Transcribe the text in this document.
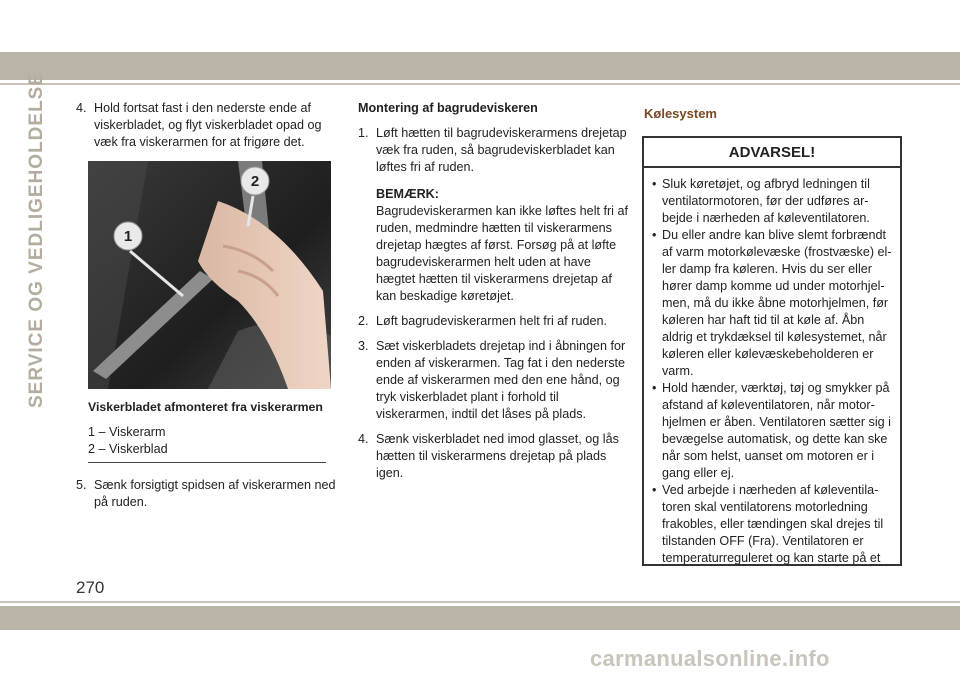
SERVICE OG VEDLIGEHOLDELSE 4. Hold fortsat fast i den nederste ende af viskerbladet, og flyt viskerbladet opad og væk fra viskerarmen for at frigøre det.
1
2
Viskerbladet afmonteret fra viskerarmen
1 – Viskerarm
2 – Viskerblad
5. Sænk forsigtigt spidsen af viskerarmen ned på ruden.
Montering af bagrudeviskeren
1. Løft hætten til bagrudeviskerarmens drejetap væk fra ruden, så bagrudeviskerbladet kan løftes fri af ruden.
BEMÆRK:
Bagrudeviskerarmen kan ikke løftes helt fri af ruden, medmindre hætten til viskerarmens drejetap hægtes af først. Forsøg på at løfte bagrudeviskerarmen helt uden at have hægtet hætten til viskerarmens drejetap af kan beskadige køretøjet.
2. Løft bagrudeviskerarmen helt fri af ruden.
3. Sæt viskerbladets drejetap ind i åbningen for enden af viskerarmen. Tag fat i den nederste ende af viskerarmen med den ene hånd, og tryk viskerbladet plant i forhold til viskerarmen, indtil det låses på plads.
4. Sænk viskerbladet ned imod glasset, og lås hætten til viskerarmens drejetap på plads igen.
Kølesystem
ADVARSEL!
• Sluk køretøjet, og afbryd ledningen til ventilatormotoren, før der udføres arbejde i nærheden af køleventilatoren.
• Du eller andre kan blive slemt forbrændt af varm motorkølevæske (frostvæske) eller damp fra køleren. Hvis du ser eller hører damp komme ud under motorhjelmen, må du ikke åbne motorhjelmen, før køleren har haft tid til at køle af. Åbn aldrig et trykdæksel til kølesystemet, når køleren eller kølevæskebeholderen er varm.
• Hold hænder, værktøj, tøj og smykker på afstand af køleventilatoren, når motorhjelmen er åben. Ventilatoren sætter sig i bevægelse automatisk, og dette kan ske når som helst, uanset om motoren er i gang eller ej.
• Ved arbejde i nærheden af køleventilatoren skal ventilatorens motorledning frakobles, eller tændingen skal drejes til tilstanden OFF (Fra). Ventilatoren er temperaturreguleret og kan starte på et
270
carmanualsonline.info
